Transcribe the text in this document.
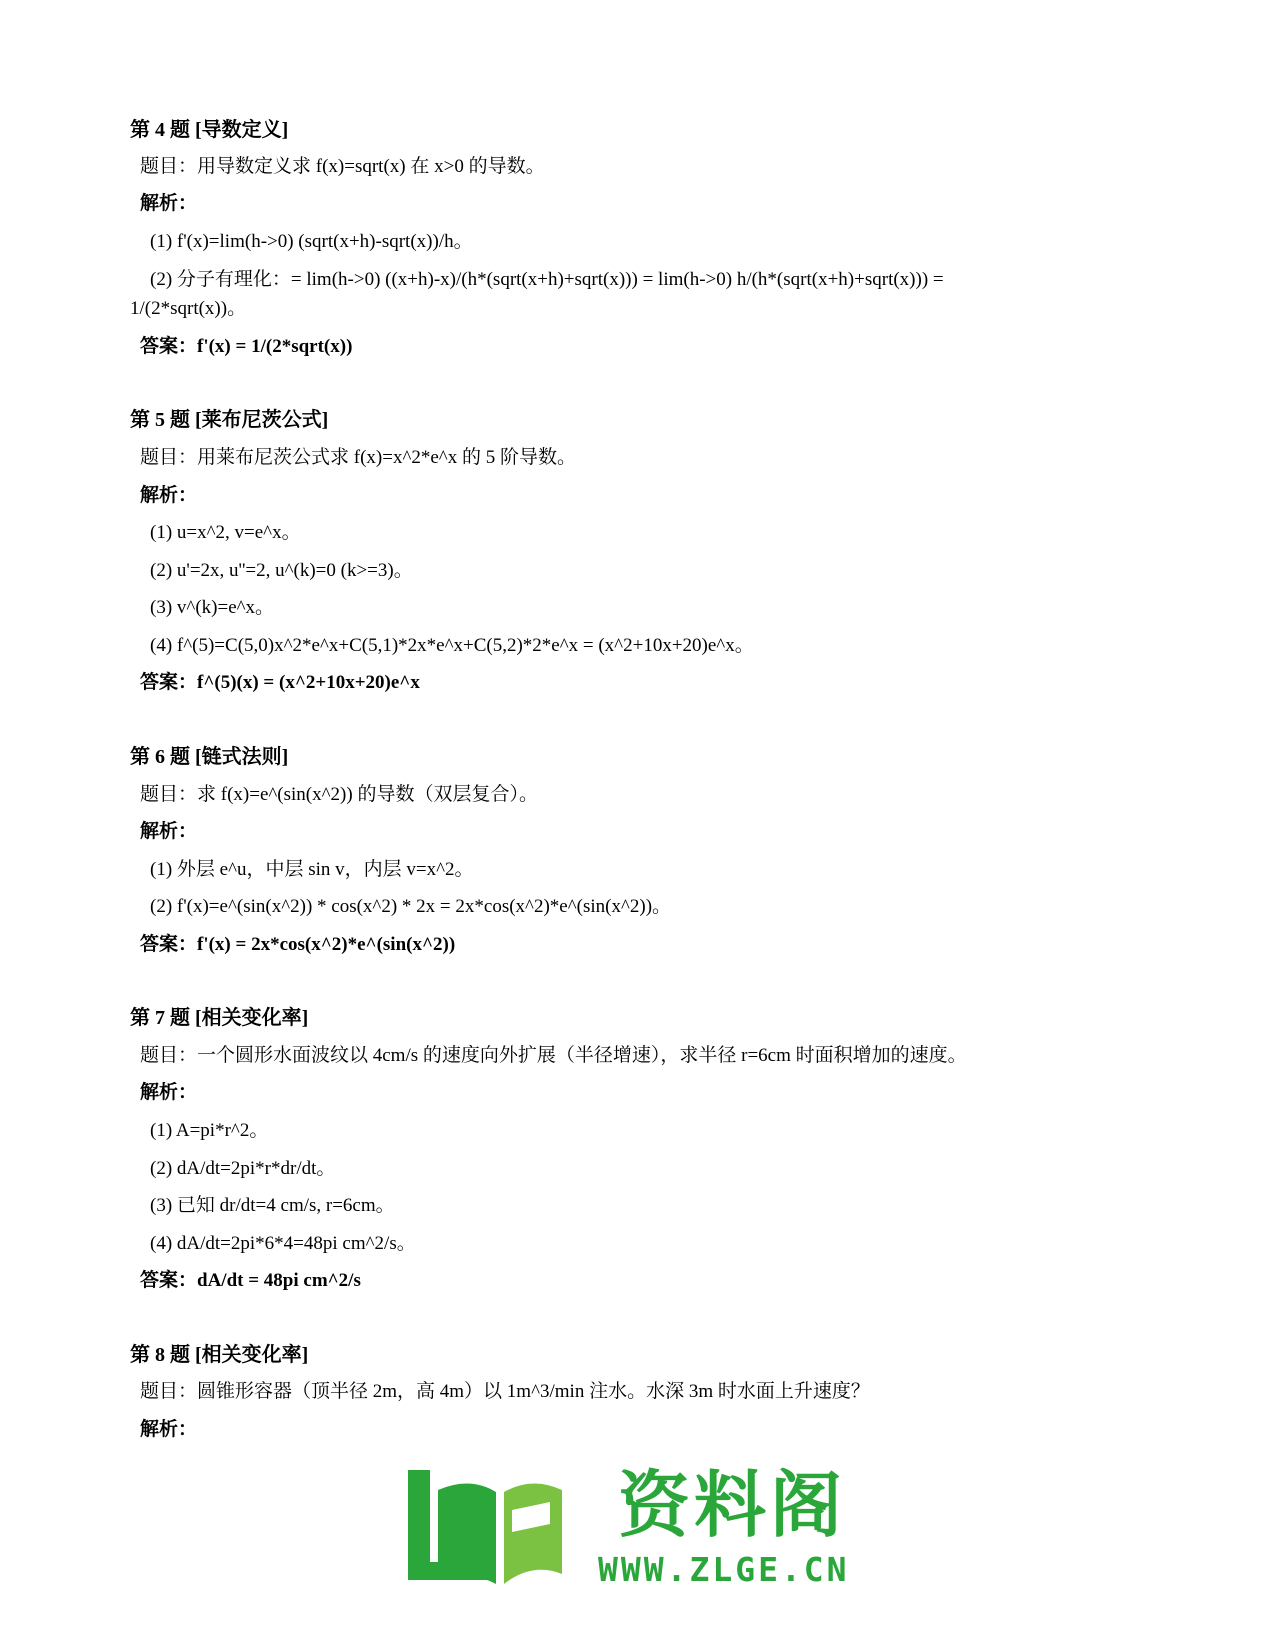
第 4 题 [导数定义]
题目：用导数定义求 f(x)=sqrt(x) 在 x>0 的导数。
解析：
(1) f'(x)=lim(h->0) (sqrt(x+h)-sqrt(x))/h。
(2) 分子有理化：= lim(h->0) ((x+h)-x)/(h*(sqrt(x+h)+sqrt(x))) = lim(h->0) h/(h*(sqrt(x+h)+sqrt(x))) =
1/(2*sqrt(x))。
答案：f'(x) = 1/(2*sqrt(x))
第 5 题 [莱布尼茨公式]
题目：用莱布尼茨公式求 f(x)=x^2*e^x 的 5 阶导数。
解析：
(1) u=x^2, v=e^x。
(2) u'=2x, u''=2, u^(k)=0 (k>=3)。
(3) v^(k)=e^x。
(4) f^(5)=C(5,0)x^2*e^x+C(5,1)*2x*e^x+C(5,2)*2*e^x = (x^2+10x+20)e^x。
答案：f^(5)(x) = (x^2+10x+20)e^x
第 6 题 [链式法则]
题目：求 f(x)=e^(sin(x^2)) 的导数（双层复合）。
解析：
(1) 外层 e^u，中层 sin v，内层 v=x^2。
(2) f'(x)=e^(sin(x^2)) * cos(x^2) * 2x = 2x*cos(x^2)*e^(sin(x^2))。
答案：f'(x) = 2x*cos(x^2)*e^(sin(x^2))
第 7 题 [相关变化率]
题目：一个圆形水面波纹以 4cm/s 的速度向外扩展（半径增速），求半径 r=6cm 时面积增加的速度。
解析：
(1) A=pi*r^2。
(2) dA/dt=2pi*r*dr/dt。
(3) 已知 dr/dt=4 cm/s, r=6cm。
(4) dA/dt=2pi*6*4=48pi cm^2/s。
答案：dA/dt = 48pi cm^2/s
第 8 题 [相关变化率]
题目：圆锥形容器（顶半径 2m，高 4m）以 1m^3/min 注水。水深 3m 时水面上升速度？
解析：
资料阁
WWW.ZLGE.CN
